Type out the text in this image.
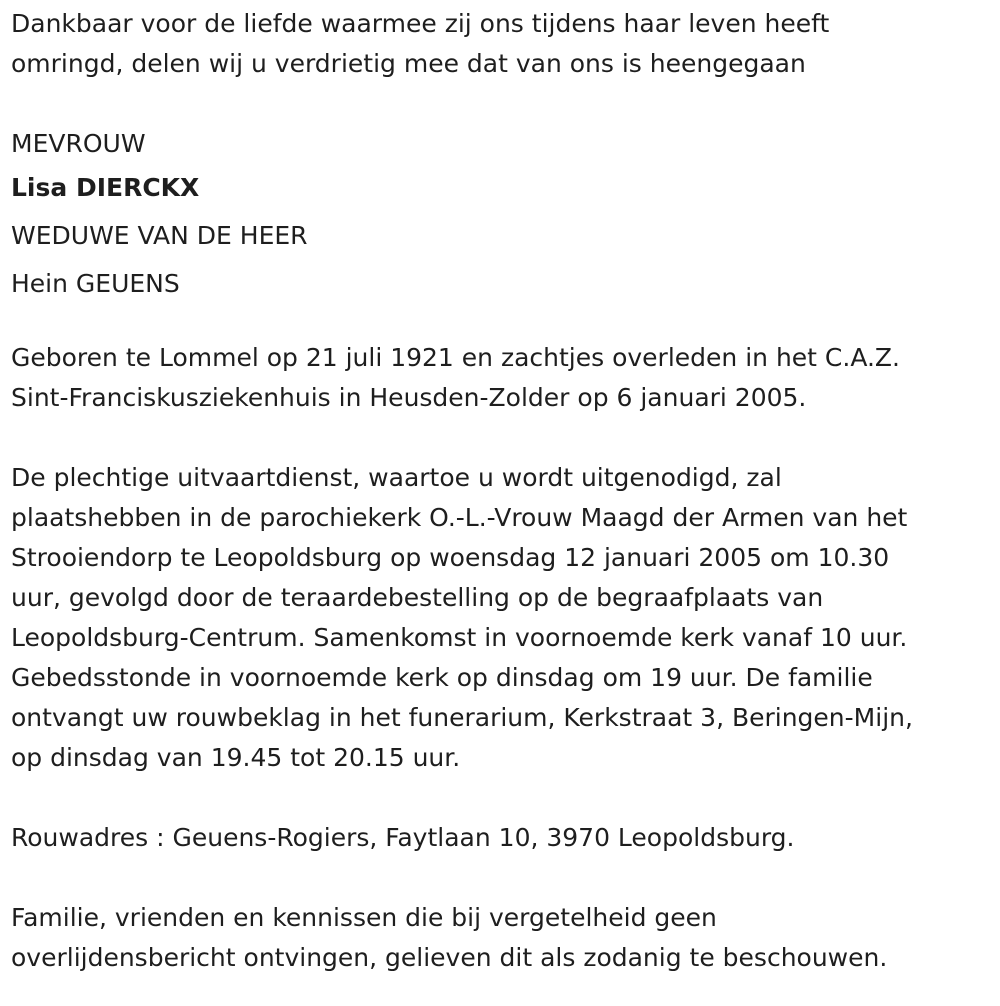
Dankbaar voor de liefde waarmee zij ons tijdens haar leven heeft
omringd, delen wij u verdrietig mee dat van ons is heengegaan
MEVROUW
Lisa DIERCKX
WEDUWE VAN DE HEER
Hein GEUENS
Geboren te Lommel op 21 juli 1921 en zachtjes overleden in het C.A.Z.
Sint-Franciskusziekenhuis in Heusden-Zolder op 6 januari 2005.
De plechtige uitvaartdienst, waartoe u wordt uitgenodigd, zal
plaatshebben in de parochiekerk O.-L.-Vrouw Maagd der Armen van het
Strooiendorp te Leopoldsburg op woensdag 12 januari 2005 om 10.30
uur, gevolgd door de teraardebestelling op de begraafplaats van
Leopoldsburg-Centrum. Samenkomst in voornoemde kerk vanaf 10 uur.
Gebedsstonde in voornoemde kerk op dinsdag om 19 uur. De familie
ontvangt uw rouwbeklag in het funerarium, Kerkstraat 3, Beringen-Mijn,
op dinsdag van 19.45 tot 20.15 uur.
Rouwadres : Geuens-Rogiers, Faytlaan 10, 3970 Leopoldsburg.
Familie, vrienden en kennissen die bij vergetelheid geen
overlijdensbericht ontvingen, gelieven dit als zodanig te beschouwen.
